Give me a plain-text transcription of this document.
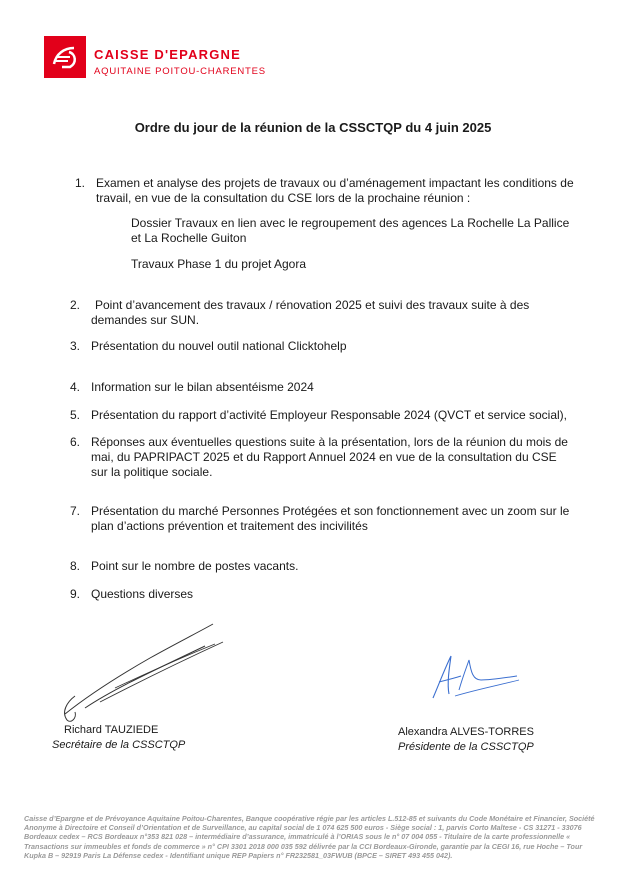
CAISSE D'EPARGNE
AQUITAINE POITOU-CHARENTES
Ordre du jour de la réunion de la CSSCTQP du 4 juin 2025
1. Examen et analyse des projets de travaux ou d’aménagement impactant les conditions de travail, en vue de la consultation du CSE lors de la prochaine réunion :
Dossier Travaux en lien avec le regroupement des agences La Rochelle La Pallice et La Rochelle Guiton
Travaux Phase 1 du projet Agora
2.	Point d’avancement des travaux / rénovation 2025 et suivi des travaux suite à des demandes sur SUN.
3. Présentation du nouvel outil national Clicktohelp
4. Information sur le bilan absentéisme 2024
5. Présentation du rapport d’activité Employeur Responsable 2024 (QVCT et service social),
6. Réponses aux éventuelles questions suite à la présentation, lors de la réunion du mois de mai, du PAPRIPACT 2025 et du Rapport Annuel 2024 en vue de la consultation du CSE sur la politique sociale.
7. Présentation du marché Personnes Protégées et son fonctionnement avec un zoom sur le plan d’actions prévention et traitement des incivilités
8. Point sur le nombre de postes vacants.
9. Questions diverses
Richard TAUZIEDE
Secrétaire de la CSSCTQP
Alexandra ALVES-TORRES
Présidente de la CSSCTQP
Caisse d’Epargne et de Prévoyance Aquitaine Poitou-Charentes, Banque coopérative régie par les articles L.512-85 et suivants du Code Monétaire et Financier, Société Anonyme à Directoire et Conseil d’Orientation et de Surveillance, au capital social de 1 074 625 500 euros - Siège social : 1, parvis Corto Maltese - CS 31271 - 33076 Bordeaux cedex – RCS Bordeaux n°353 821 028 – intermédiaire d’assurance, immatriculé à l’ORIAS sous le n° 07 004 055 - Titulaire de la carte professionnelle « Transactions sur immeubles et fonds de commerce » n° CPI 3301 2018 000 035 592 délivrée par la CCI Bordeaux-Gironde, garantie par la CEGI 16, rue Hoche – Tour Kupka B – 92919 Paris La Défense cedex - Identifiant unique REP Papiers n° FR232581_03FWUB (BPCE – SIRET 493 455 042).
